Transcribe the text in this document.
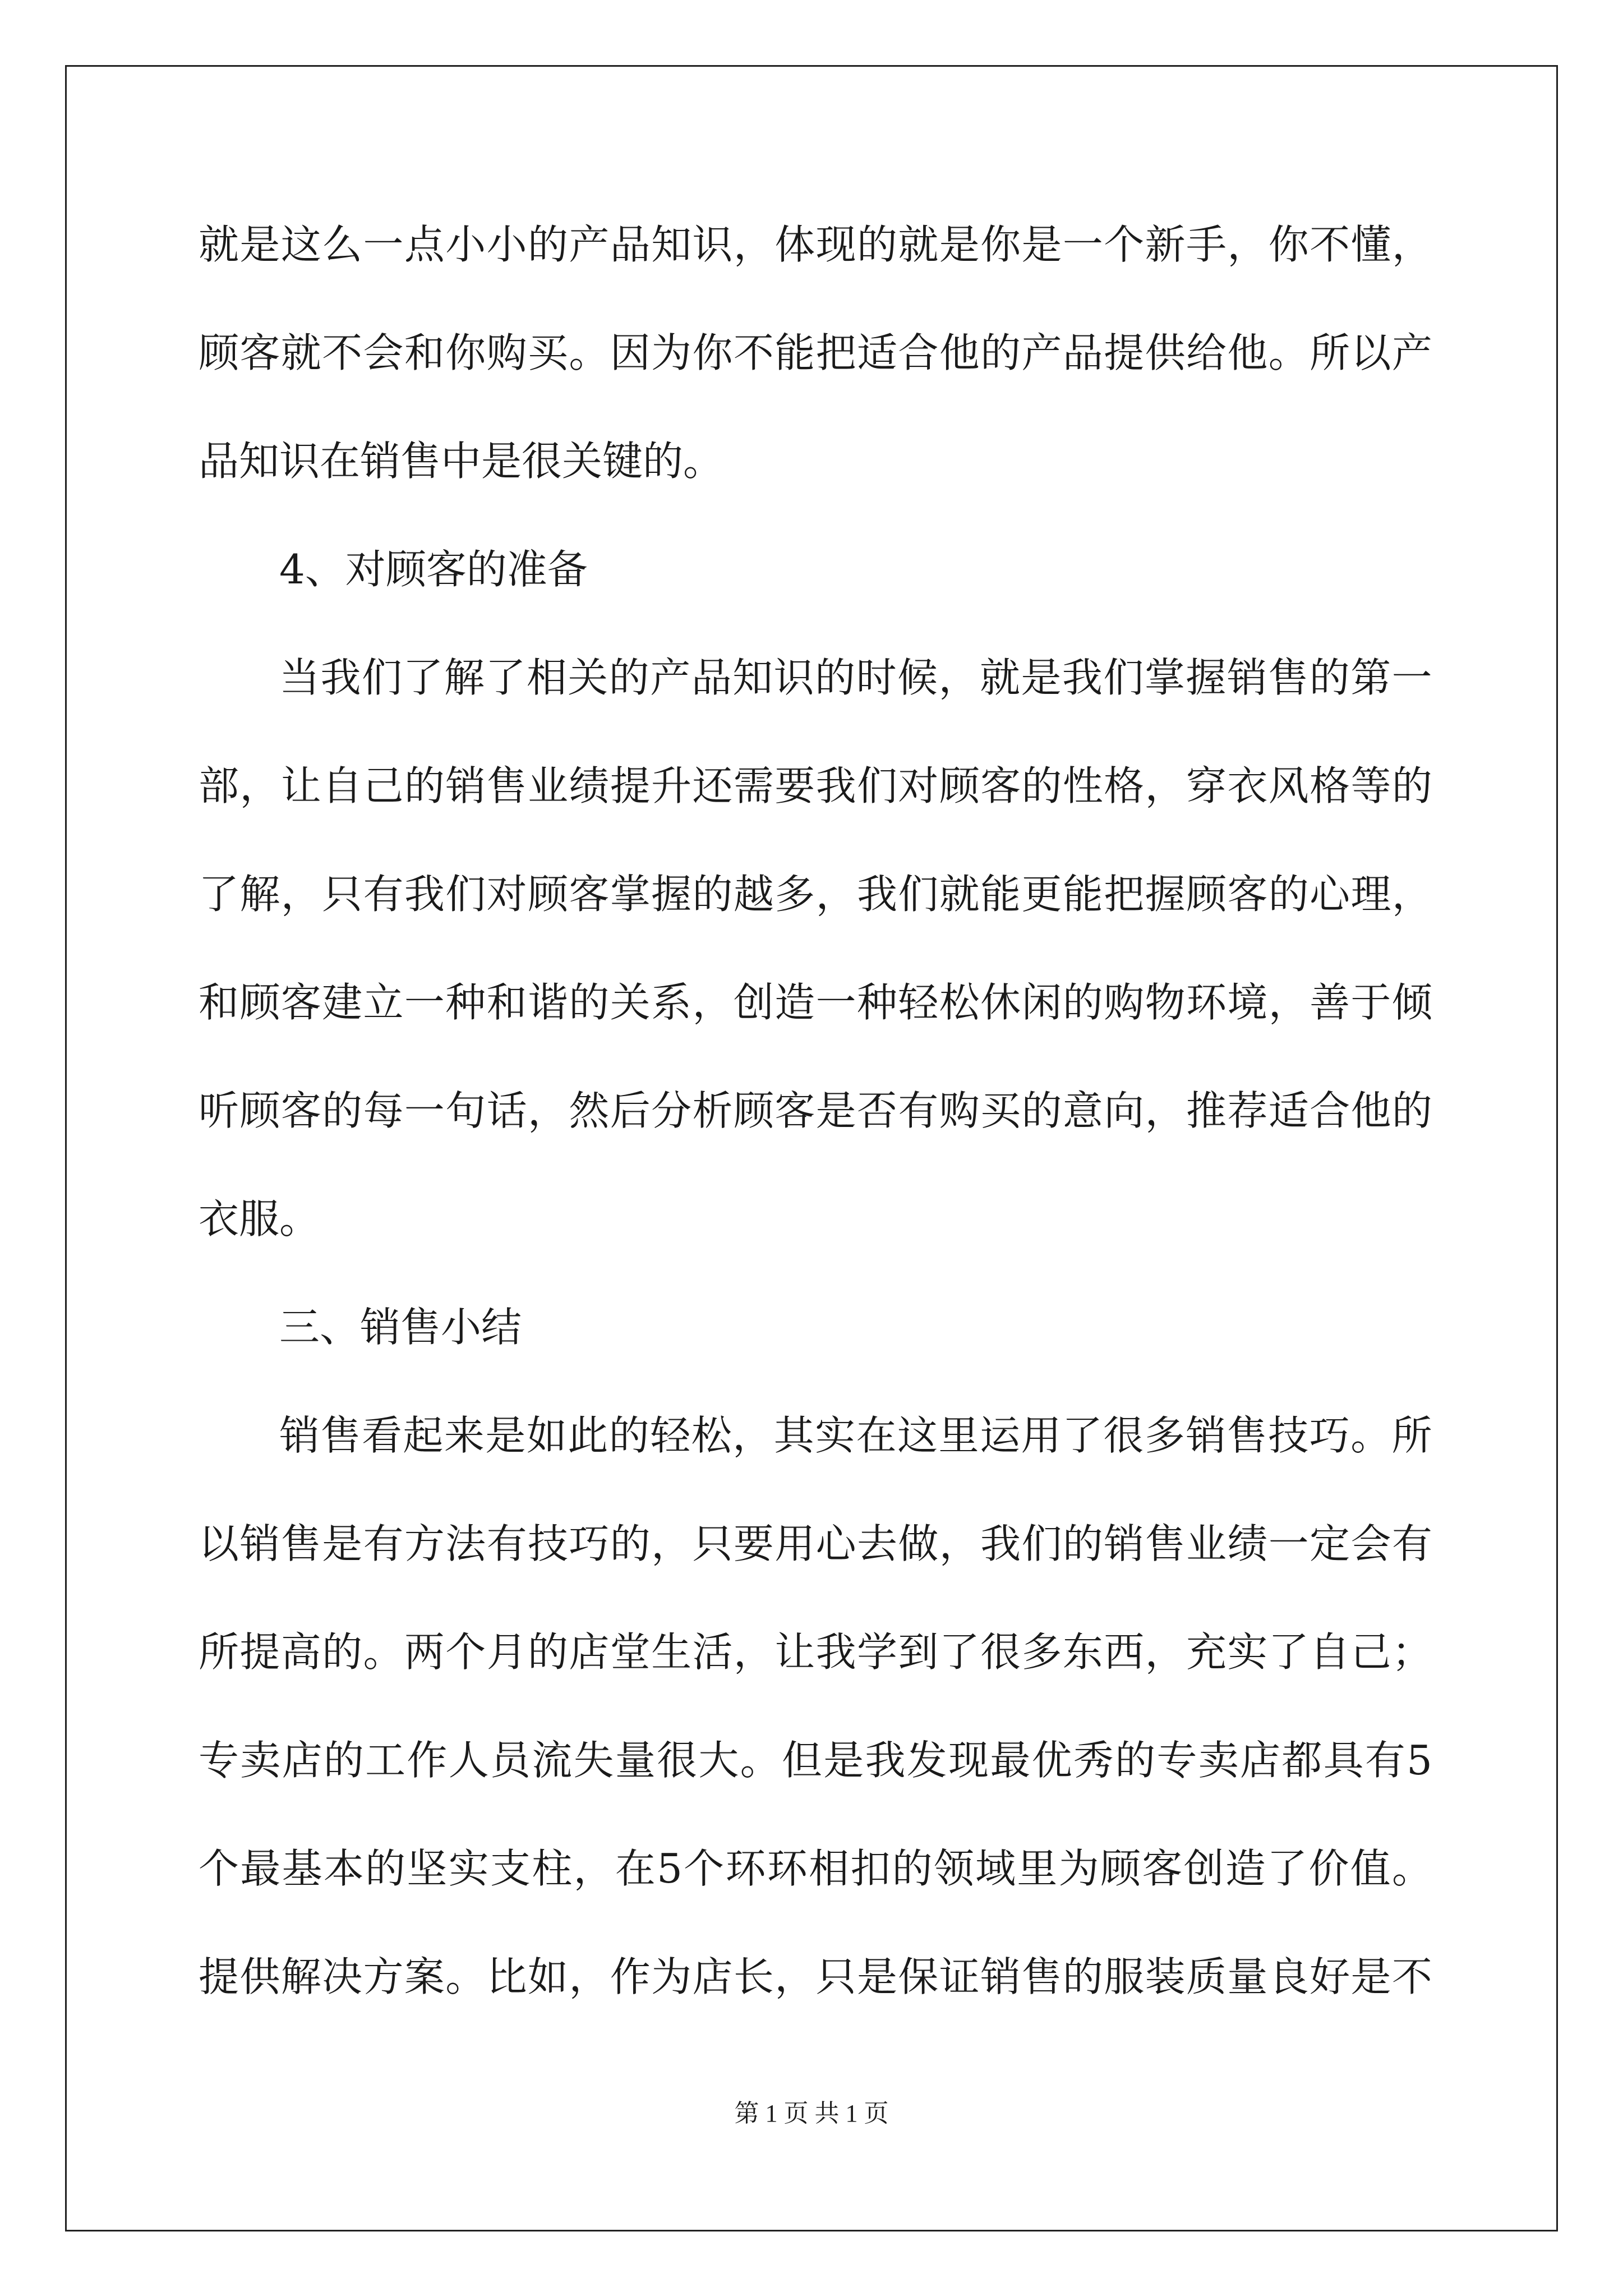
就 是 这 么 一 点 小 小 的 产 品 知 识 ， 体 现 的 就 是 你 是 一 个 新 手 ， 你 不 懂 ，
顾 客 就 不 会 和 你 购 买 。 因 为 你 不 能 把 适 合 他 的 产 品 提 供 给 他 。 所 以 产
品知识在销售中是很关键的。
4、对顾客的准备
当 我 们 了 解 了 相 关 的 产 品 知 识 的 时 候 ， 就 是 我 们 掌 握 销 售 的 第 一
部 ， 让 自 己 的 销 售 业 绩 提 升 还 需 要 我 们 对 顾 客 的 性 格 ， 穿 衣 风 格 等 的
了 解 ， 只 有 我 们 对 顾 客 掌 握 的 越 多 ， 我 们 就 能 更 能 把 握 顾 客 的 心 理 ，
和 顾 客 建 立 一 种 和 谐 的 关 系 ， 创 造 一 种 轻 松 休 闲 的 购 物 环 境 ， 善 于 倾
听 顾 客 的 每 一 句 话 ， 然 后 分 析 顾 客 是 否 有 购 买 的 意 向 ， 推 荐 适 合 他 的
衣服。
三、销售小结
销 售 看 起 来 是 如 此 的 轻 松 ， 其 实 在 这 里 运 用 了 很 多 销 售 技 巧 。 所
以 销 售 是 有 方 法 有 技 巧 的 ， 只 要 用 心 去 做 ， 我 们 的 销 售 业 绩 一 定 会 有
所 提 高 的 。 两 个 月 的 店 堂 生 活 ， 让 我 学 到 了 很 多 东 西 ， 充 实 了 自 己 ；
专 卖 店 的 工 作 人 员 流 失 量 很 大 。 但 是 我 发 现 最 优 秀 的 专 卖 店 都 具 有 5
个 最 基 本 的 坚 实 支 柱 ， 在 5 个 环 环 相 扣 的 领 域 里 为 顾 客 创 造 了 价 值 。
提 供 解 决 方 案 。 比 如 ， 作 为 店 长 ， 只 是 保 证 销 售 的 服 装 质 量 良 好 是 不
第 1 页 共 1 页
